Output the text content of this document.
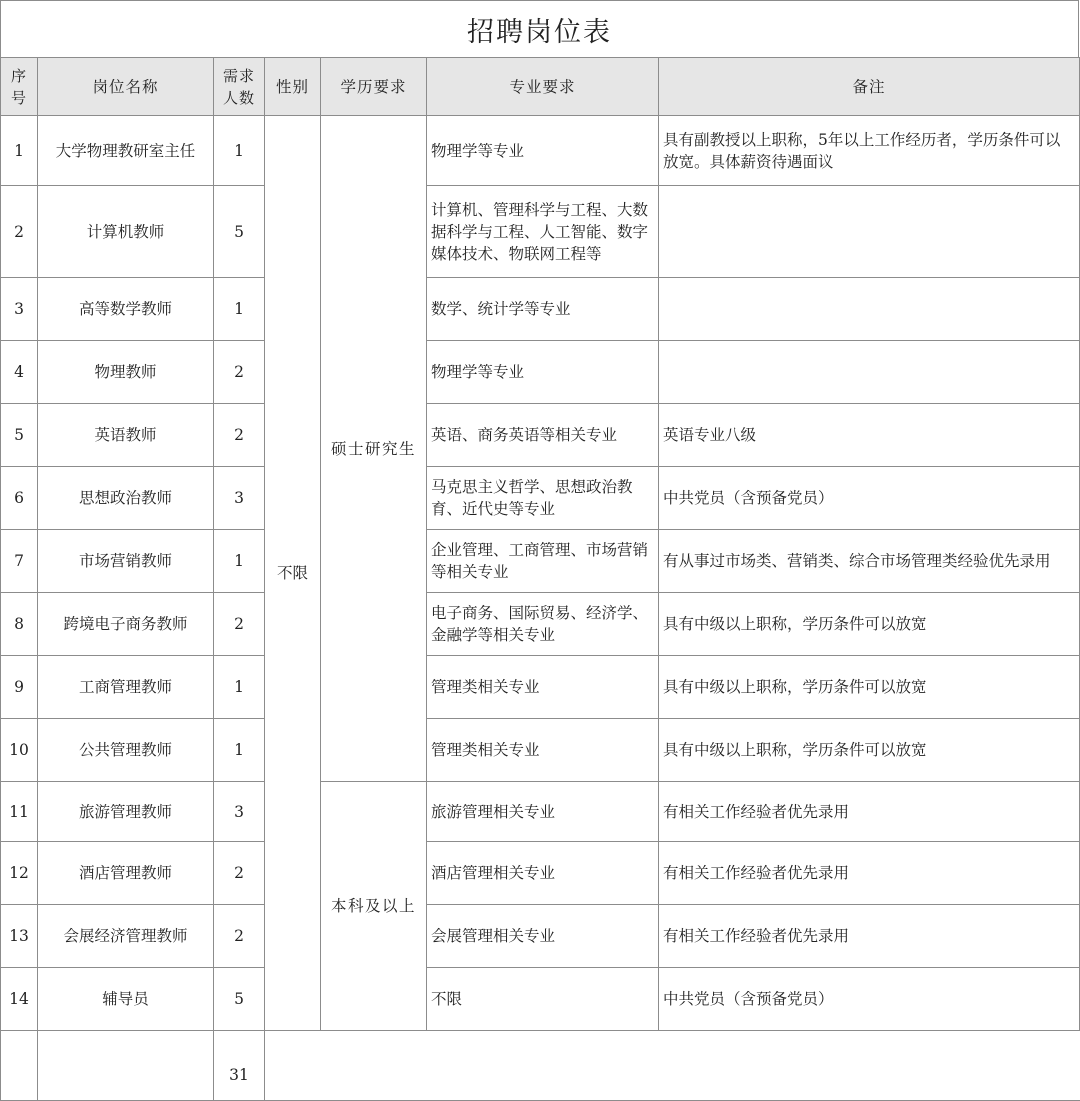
招聘岗位表
序号	岗位名称	需求人数	性别	学历要求	专业要求	备注
1	大学物理教研室主任	1	不限	硕士研究生	物理学等专业	具有副教授以上职称，5年以上工作经历者，学历条件可以放宽。具体薪资待遇面议
2	计算机教师	5			计算机、管理科学与工程、大数据科学与工程、人工智能、数字媒体技术、物联网工程等	
3	高等数学教师	1			数学、统计学等专业	
4	物理教师	2			物理学等专业	
5	英语教师	2			英语、商务英语等相关专业	英语专业八级
6	思想政治教师	3			马克思主义哲学、思想政治教育、近代史等专业	中共党员（含预备党员）
7	市场营销教师	1			企业管理、工商管理、市场营销等相关专业	有从事过市场类、营销类、综合市场管理类经验优先录用
8	跨境电子商务教师	2			电子商务、国际贸易、经济学、金融学等相关专业	具有中级以上职称，学历条件可以放宽
9	工商管理教师	1			管理类相关专业	具有中级以上职称，学历条件可以放宽
10	公共管理教师	1			管理类相关专业	具有中级以上职称，学历条件可以放宽
11	旅游管理教师	3		本科及以上	旅游管理相关专业	有相关工作经验者优先录用
12	酒店管理教师	2			酒店管理相关专业	有相关工作经验者优先录用
13	会展经济管理教师	2			会展管理相关专业	有相关工作经验者优先录用
14	辅导员	5			不限	中共党员（含预备党员）
		31				
